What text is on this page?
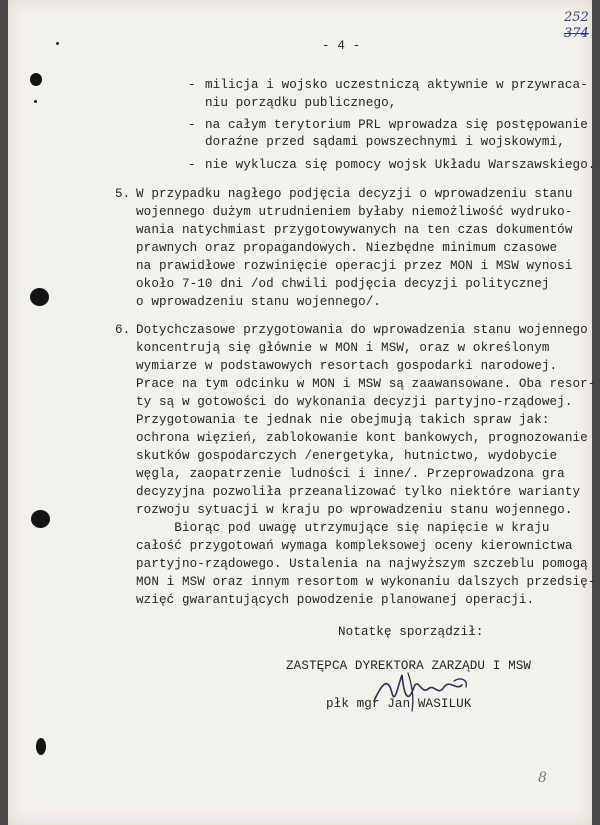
252
374
8
- 4 -
- milicja i wojsko uczestniczą aktywnie w przywraca-
niu porządku publicznego,
- na całym terytorium PRL wprowadza się postępowanie
doraźne przed sądami powszechnymi i wojskowymi,
- nie wyklucza się pomocy wojsk Układu Warszawskiego.
5. W przypadku nagłego podjęcia decyzji o wprowadzeniu stanu
wojennego dużym utrudnieniem byłaby niemożliwość wydruko-
wania natychmiast przygotowywanych na ten czas dokumentów
prawnych oraz propagandowych. Niezbędne minimum czasowe
na prawidłowe rozwinięcie operacji przez MON i MSW wynosi
około 7-10 dni /od chwili podjęcia decyzji politycznej
o wprowadzeniu stanu wojennego/.
6. Dotychczasowe przygotowania do wprowadzenia stanu wojennego
koncentrują się głównie w MON i MSW, oraz w określonym
wymiarze w podstawowych resortach gospodarki narodowej.
Prace na tym odcinku w MON i MSW są zaawansowane. Oba resor-
ty są w gotowości do wykonania decyzji partyjno-rządowej.
Przygotowania te jednak nie obejmują takich spraw jak:
ochrona więzień, zablokowanie kont bankowych, prognozowanie
skutków gospodarczych /energetyka, hutnictwo, wydobycie
węgla, zaopatrzenie ludności i inne/. Przeprowadzona gra
decyzyjna pozwoliła przeanalizować tylko niektóre warianty
rozwoju sytuacji w kraju po wprowadzeniu stanu wojennego.
Biorąc pod uwagę utrzymujące się napięcie w kraju
całość przygotowań wymaga kompleksowej oceny kierownictwa
partyjno-rządowego. Ustalenia na najwyższym szczeblu pomogą
MON i MSW oraz innym resortom w wykonaniu dalszych przedsię-
wzięć gwarantujących powodzenie planowanej operacji.
Notatkę sporządził:
ZASTĘPCA DYREKTORA ZARZĄDU I MSW
płk mgr Jan WASILUK
